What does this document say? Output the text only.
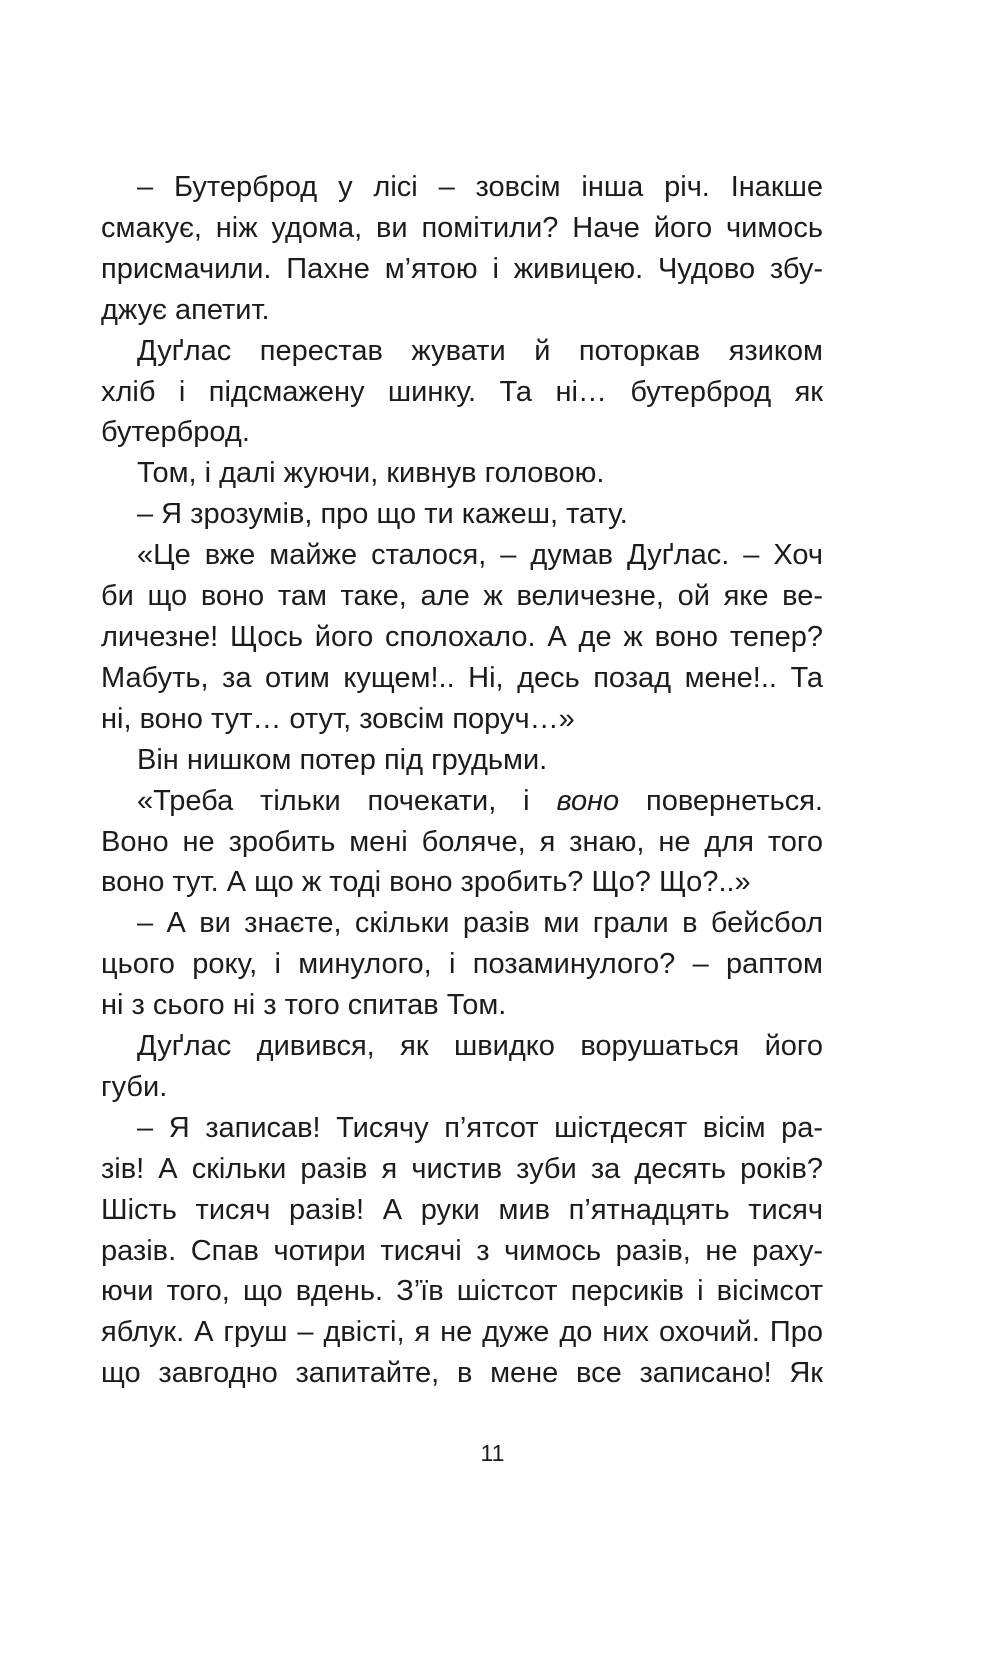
– Бутерброд у лісі – зовсім інша річ. Інакше
смакує, ніж удома, ви помітили? Наче його чимось
присмачили. Пахне м’ятою і живицею. Чудово збу-
джує апетит.
Дуґлас перестав жувати й поторкав язиком
хліб і підсмажену шинку. Та ні… бутерброд як
бутерброд.
Том, і далі жуючи, кивнув головою.
– Я зрозумів, про що ти кажеш, тату.
«Це вже майже сталося, – думав Дуґлас. – Хоч
би що воно там таке, але ж величезне, ой яке ве-
личезне! Щось його сполохало. А де ж воно тепер?
Мабуть, за отим кущем!.. Ні, десь позад мене!.. Та
ні, воно тут… отут, зовсім поруч…»
Він нишком потер під грудьми.
«Треба тільки почекати, і воно повернеться.
Воно не зробить мені боляче, я знаю, не для того
воно тут. А що ж тоді воно зробить? Що? Що?..»
– А ви знаєте, скільки разів ми грали в бейсбол
цього року, і минулого, і позаминулого? – раптом
ні з сього ні з того спитав Том.
Дуґлас дивився, як швидко ворушаться його
губи.
– Я записав! Тисячу п’ятсот шістдесят вісім ра-
зів! А скільки разів я чистив зуби за десять років?
Шість тисяч разів! А руки мив п’ятнадцять тисяч
разів. Спав чотири тисячі з чимось разів, не раху-
ючи того, що вдень. З’їв шістсот персиків і вісімсот
яблук. А груш – двісті, я не дуже до них охочий. Про
що завгодно запитайте, в мене все записано! Як
11
